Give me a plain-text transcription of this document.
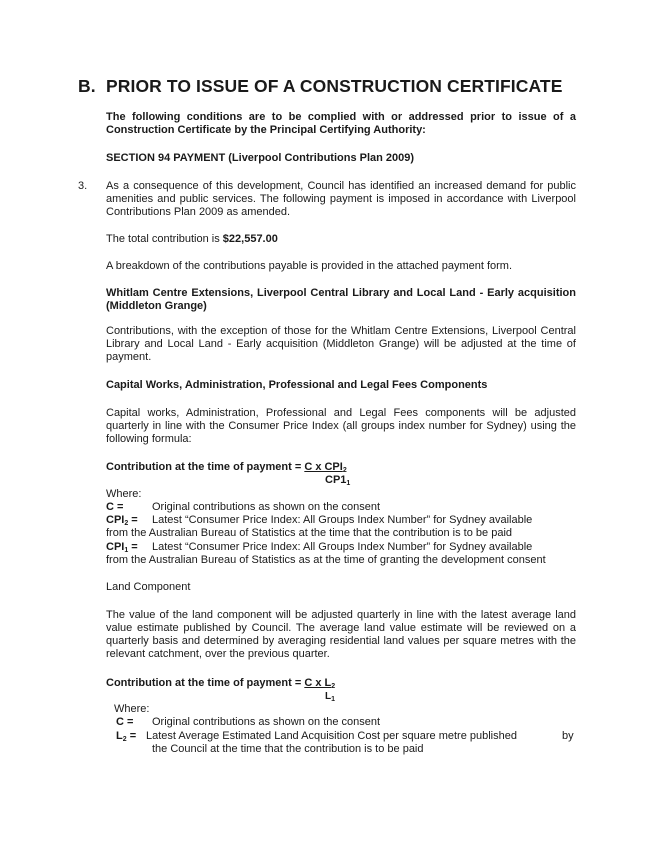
B. PRIOR TO ISSUE OF A CONSTRUCTION CERTIFICATE
The following conditions are to be complied with or addressed prior to issue of a Construction Certificate by the Principal Certifying Authority:
SECTION 94 PAYMENT (Liverpool Contributions Plan 2009)
3. As a consequence of this development, Council has identified an increased demand for public amenities and public services. The following payment is imposed in accordance with Liverpool Contributions Plan 2009 as amended.
The total contribution is $22,557.00
A breakdown of the contributions payable is provided in the attached payment form.
Whitlam Centre Extensions, Liverpool Central Library and Local Land - Early acquisition (Middleton Grange)
Contributions, with the exception of those for the Whitlam Centre Extensions, Liverpool Central Library and Local Land - Early acquisition (Middleton Grange) will be adjusted at the time of payment.
Capital Works, Administration, Professional and Legal Fees Components
Capital works, Administration, Professional and Legal Fees components will be adjusted quarterly in line with the Consumer Price Index (all groups index number for Sydney) using the following formula:
Contribution at the time of payment = C x $CPI_2$
$CP1_1$
Where:
C =	Original contributions as shown on the consent
$CPI_2$ = Latest “Consumer Price Index: All Groups Index Number” for Sydney available
from the Australian Bureau of Statistics at the time that the contribution is to be paid
$CPI_1$ = Latest “Consumer Price Index: All Groups Index Number” for Sydney available
from the Australian Bureau of Statistics as at the time of granting the development consent
Land Component
The value of the land component will be adjusted quarterly in line with the latest average land value estimate published by Council. The average land value estimate will be reviewed on a quarterly basis and determined by averaging residential land values per square metres with the relevant catchment, over the previous quarter.
Contribution at the time of payment = C x $L_2$
$L_1$
Where:
C = Original contributions as shown on the consent
$L_2$ = Latest Average Estimated Land Acquisition Cost per square metre published	by
the Council at the time that the contribution is to be paid
